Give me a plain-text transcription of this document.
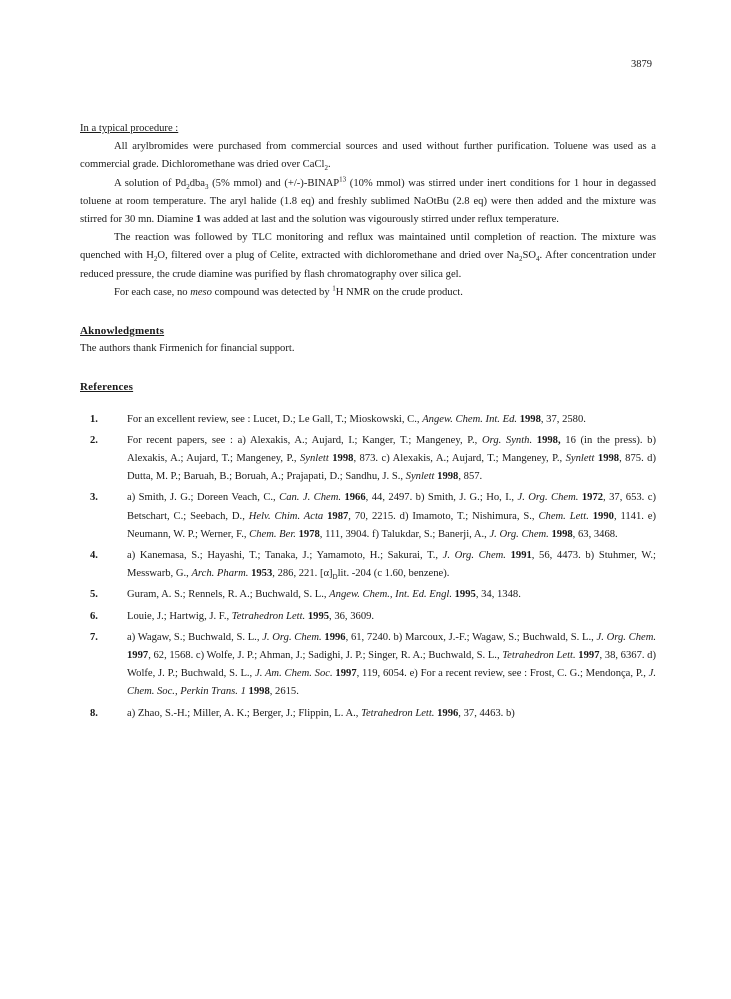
3879
In a typical procedure :

All arylbromides were purchased from commercial sources and used without further purification. Toluene was used as a commercial grade. Dichloromethane was dried over CaCl$_2$.

A solution of $Pd_2dba_3$ (5% mmol) and $(+/-)-BINAP^{13}$ (10% mmol) was stirred under inert conditions for 1 hour in degassed toluene at room temperature. The aryl halide (1.8 eq) and freshly sublimed NaOtBu (2.8 eq) were then added and the mixture was stirred for 30 mn. Diamine 1 was added at last and the solution was vigourously stirred under reflux temperature.

The reaction was followed by TLC monitoring and reflux was maintained until completion of reaction. The mixture was quenched with $H_2O$, filtered over a plug of Celite, extracted with dichloromethane and dried over $Na_2SO_4$. After concentration under reduced pressure, the crude diamine was purified by flash chromatography over silica gel.

For each case, no meso compound was detected by $^1$H NMR on the crude product.

Aknowledgments

The authors thank Firmenich for financial support.

References

1.	For an excellent review, see : Lucet, D.; Le Gall, T.; Mioskowski, C., Angew. Chem. Int. Ed. 1998, 37, 2580.
2.	For recent papers, see : a) Alexakis, A.; Aujard, I.; Kanger, T.; Mangeney, P., Org. Synth. 1998, 16 (in the press). b) Alexakis, A.; Aujard, T.; Mangeney, P., Synlett 1998, 873. c) Alexakis, A.; Aujard, T.; Mangeney, P., Synlett 1998, 875. d) Dutta, M. P.; Baruah, B.; Boruah, A.; Prajapati, D.; Sandhu, J. S., Synlett 1998, 857.
3.	a) Smith, J. G.; Doreen Veach, C., Can. J. Chem. 1966, 44, 2497. b) Smith, J. G.; Ho, I., J. Org. Chem. 1972, 37, 653. c) Betschart, C.; Seebach, D., Helv. Chim. Acta 1987, 70, 2215. d) Imamoto, T.; Nishimura, S., Chem. Lett. 1990, 1141. e) Neumann, W. P.; Werner, F., Chem. Ber. 1978, 111, 3904. f) Talukdar, S.; Banerji, A., J. Org. Chem. 1998, 63, 3468.
4.	a) Kanemasa, S.; Hayashi, T.; Tanaka, J.; Yamamoto, H.; Sakurai, T., J. Org. Chem. 1991, 56, 4473. b) Stuhmer, W.; Messwarb, G., Arch. Pharm. 1953, 286, 221. $[\alpha]_Dlit$. -204 (c 1.60, benzene).
5.	Guram, A. S.; Rennels, R. A.; Buchwald, S. L., Angew. Chem., Int. Ed. Engl. 1995, 34, 1348.
6.	Louie, J.; Hartwig, J. F., Tetrahedron Lett. 1995, 36, 3609.
7.	a) Wagaw, S.; Buchwald, S. L., J. Org. Chem. 1996, 61, 7240. b) Marcoux, J.-F.; Wagaw, S.; Buchwald, S. L., J. Org. Chem. 1997, 62, 1568. c) Wolfe, J. P.; Ahman, J.; Sadighi, J. P.; Singer, R. A.; Buchwald, S. L., Tetrahedron Lett. 1997, 38, 6367. d) Wolfe, J. P.; Buchwald, S. L., J. Am. Chem. Soc. 1997, 119, 6054. e) For a recent review, see : Frost, C. G.; Mendonça, P., J. Chem. Soc., Perkin Trans. 1 1998, 2615.
8.	a) Zhao, S.-H.; Miller, A. K.; Berger, J.; Flippin, L. A., Tetrahedron Lett. 1996, 37, 4463. b)
